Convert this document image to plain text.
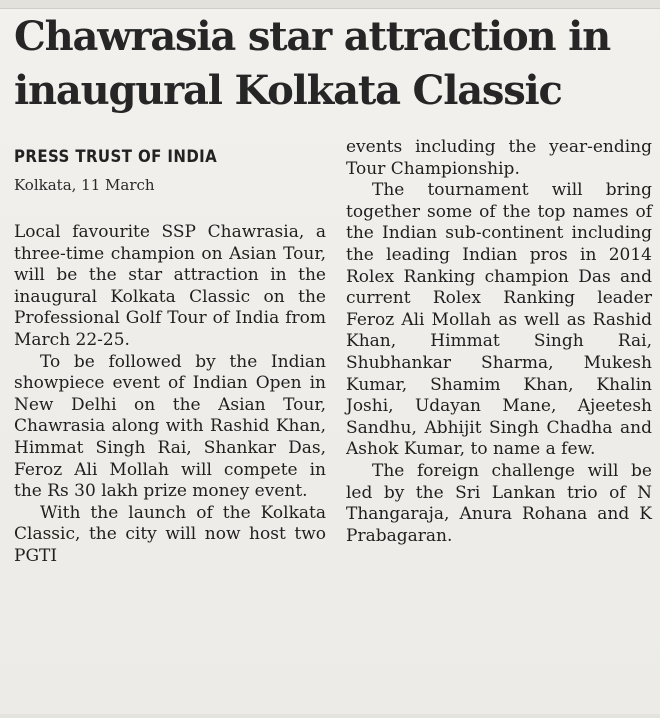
Chawrasia star attraction in
inaugural Kolkata Classic
PRESS TRUST OF INDIA
Kolkata, 11 March

Local favourite SSP Chawrasia, a three-time champion on Asian Tour, will be the star attraction in the inaugural Kolkata Classic on the Professional Golf Tour of India from March 22-25.

To be followed by the Indian showpiece event of Indian Open in New Delhi on the Asian Tour, Chawrasia along with Rashid Khan, Himmat Singh Rai, Shankar Das, Feroz Ali Mollah will compete in the Rs 30 lakh prize money event.

With the launch of the Kolkata Classic, the city will now host two PGTI

events including the year-ending Tour Championship.

The tournament will bring together some of the top names of the Indian sub-continent including the leading Indian pros in 2014 Rolex Ranking champion Das and current Rolex Ranking leader Feroz Ali Mollah as well as Rashid Khan, Himmat Singh Rai, Shubhankar Sharma, Mukesh Kumar, Shamim Khan, Khalin Joshi, Udayan Mane, Ajeetesh Sandhu, Abhijit Singh Chadha and Ashok Kumar, to name a few.

The foreign challenge will be led by the Sri Lankan trio of N Thangaraja, Anura Rohana and K Prabagaran.
